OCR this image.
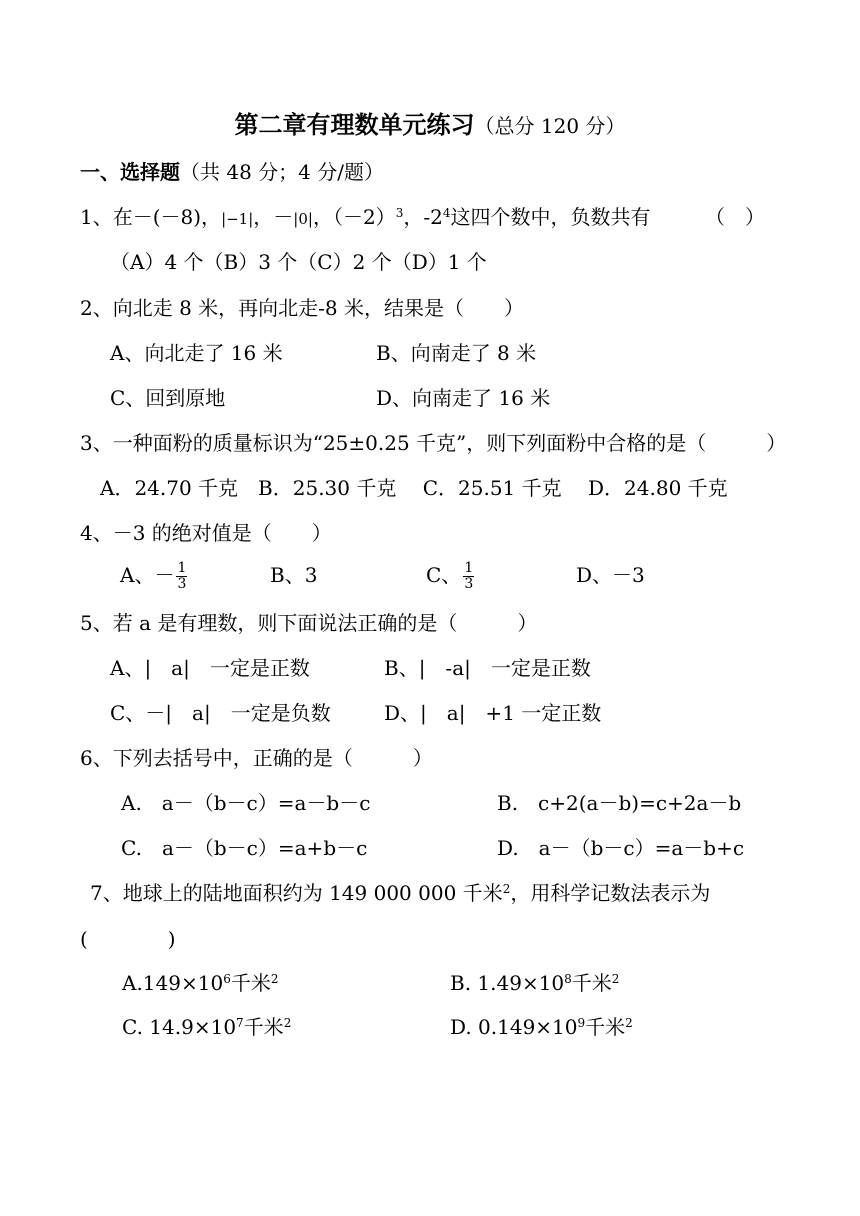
第二章有理数单元练习（总分 120 分）
一、选择题（共 48 分；4 分/题）
1、在－(－8)，|−1|，－|0|，$(-2)^3$，$-2^4$这四个数中，负数共有	（　）
（A）4 个（B）3 个（C）2 个（D）1 个
2、向北走 8 米，再向北走-8 米，结果是（　　）
A、向北走了 16 米	B、向南走了 8 米
C、回到原地	D、向南走了 16 米
3、一种面粉的质量标识为“25±0.25 千克”，则下列面粉中合格的是（　　　）
A．24.70 千克　B．25.30 千克　 C．25.51 千克　 D．24.80 千克
4、－3 的绝对值是（　　）
A、－ $\frac{1}{3}$	B、3	C、 $\frac{1}{3}$	D、－3
5、若 a 是有理数，则下面说法正确的是（　　　）
A、|　a|　一定是正数	B、|　-a|　一定是正数
C、－|　a|　一定是负数	D、|　a|　+1 一定正数
6、下列去括号中，正确的是（　　　）
A.　a－（b－c）=a－b－c	B.　c+2(a－b)=c+2a－b
C.　a－（b－c）=a+b－c	D.　a－（b－c）=a－b+c
7、地球上的陆地面积约为 149 000 000 千米$^2$，用科学记数法表示为
(　　　　)
$A.149\times 10^6$千米$^2$	B. $1.49\times 10^8$千米$^2$
C. $14.9\times 10^7$千米$^2$	D. $0.149\times 10^9$千米$^2$
